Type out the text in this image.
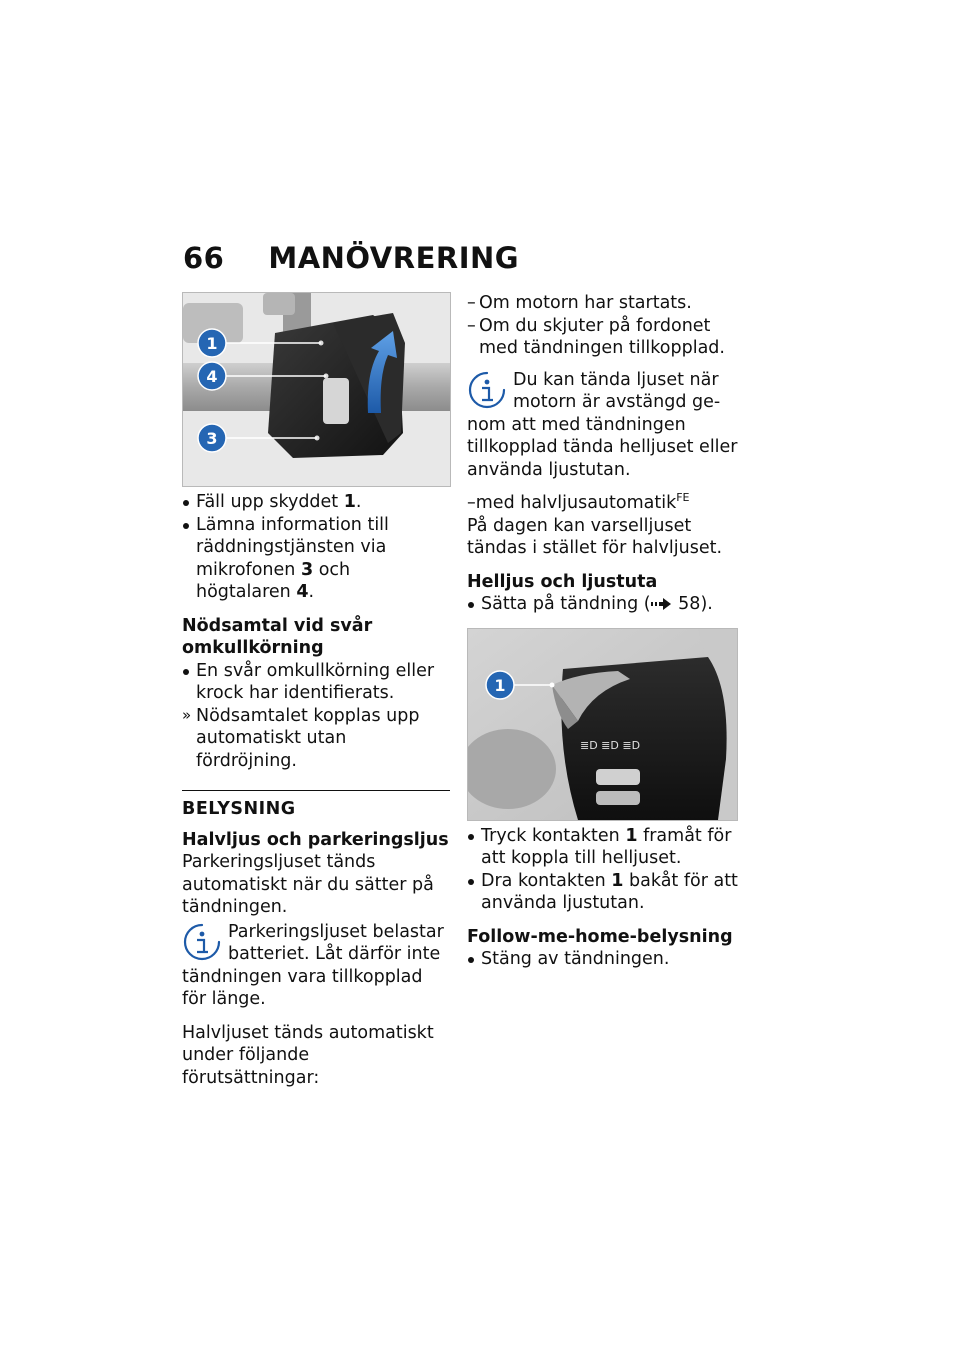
66 MANÖVRERING
1
4
3
Fäll upp skyddet 1.
Lämna information till räddningstjänsten via mikrofonen 3 och högtalaren 4.

Nödsamtal vid svår
omkullkörning

En svår omkullkörning eller krock har identifierats.
» Nödsamtalet kopplas upp automatiskt utan fördröjning.
BELYSNING

Halvljus och parkeringsljus

Parkeringsljuset tänds automatiskt när du sätter på tändningen.

Parkeringsljuset belastar

batteriet. Låt därför inte

tändningen vara tillkopplad för länge.

Halvljuset tänds automatiskt under följande förutsättningar:

– Om motorn har startats.
– Om du skjuter på fordonet med tändningen tillkopplad.

Du kan tända ljuset när

motorn är avstängd ge-

nom att med tändningen tillkopplad tända helljuset eller använda ljustutan.

–med halvljusautomatik$^{FE}$

På dagen kan varselljuset tändas i stället för halvljuset.

Helljus och ljustuta

Sätta på tändning ( 58).
≣D ≣D ≣D
1
Tryck kontakten 1 framåt för att koppla till helljuset.
Dra kontakten 1 bakåt för att använda ljustutan.

Follow-me-home-belysning

Stäng av tändningen.
